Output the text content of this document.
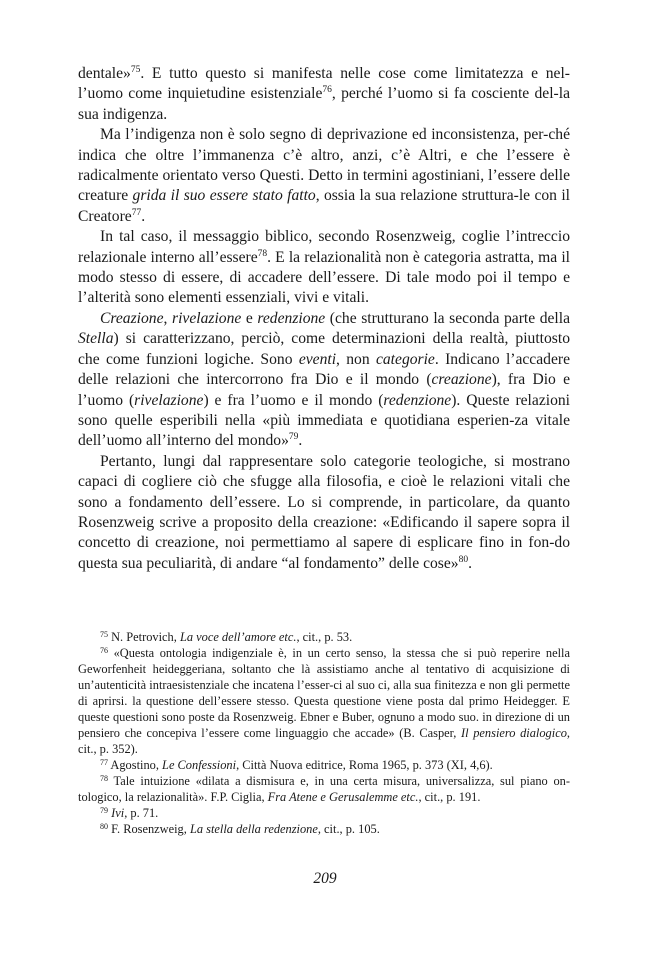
dentale»$^{75}$. E tutto questo si manifesta nelle cose come limitatezza e nel-l’uomo come inquietudine esistenziale$^{76}$, perché l’uomo si fa cosciente del-la sua indigenza.

Ma l’indigenza non è solo segno di deprivazione ed inconsistenza, per-ché indica che oltre l’immanenza c’è altro, anzi, c’è Altri, e che l’essere è radicalmente orientato verso Questi. Detto in termini agostiniani, l’essere delle creature grida il suo essere stato fatto, ossia la sua relazione struttura-le con il Creatore$^{77}$.

In tal caso, il messaggio biblico, secondo Rosenzweig, coglie l’intreccio relazionale interno all’essere$^{78}$. E la relazionalità non è categoria astratta, ma il modo stesso di essere, di accadere dell’essere. Di tale modo poi il tempo e l’alterità sono elementi essenziali, vivi e vitali.

Creazione, rivelazione e redenzione (che strutturano la seconda parte della Stella) si caratterizzano, perciò, come determinazioni della realtà, piuttosto che come funzioni logiche. Sono eventi, non categorie. Indicano l’accadere delle relazioni che intercorrono fra Dio e il mondo (creazione), fra Dio e l’uomo (rivelazione) e fra l’uomo e il mondo (redenzione). Queste relazioni sono quelle esperibili nella «più immediata e quotidiana esperien-za vitale dell’uomo all’interno del mondo»$^{79}$.

Pertanto, lungi dal rappresentare solo categorie teologiche, si mostrano capaci di cogliere ciò che sfugge alla filosofia, e cioè le relazioni vitali che sono a fondamento dell’essere. Lo si comprende, in particolare, da quanto Rosenzweig scrive a proposito della creazione: «Edificando il sapere sopra il concetto di creazione, noi permettiamo al sapere di esplicare fino in fon-do questa sua peculiarità, di andare “al fondamento” delle cose»$^{80}$.

$^{75}$ N. Petrovich, La voce dell’amore etc., cit., p. 53.

$^{76}$ «Questa ontologia indigenziale è, in un certo senso, la stessa che si può reperire nella Geworfenheit heideggeriana, soltanto che là assistiamo anche al tentativo di acquisizione di un’autenticità intraesistenziale che incatena l’esser-ci al suo ci, alla sua finitezza e non gli permette di aprirsi. la questione dell’essere stesso. Questa questione viene posta dal primo Heidegger. E queste questioni sono poste da Rosenzweig. Ebner e Buber, ognuno a modo suo. in direzione di un pensiero che concepiva l’essere come linguaggio che accade» (B. Casper, Il pensiero dialogico, cit., p. 352).

$^{77}$ Agostino, Le Confessioni, Città Nuova editrice, Roma 1965, p. 373 (XI, 4,6).

$^{78}$ Tale intuizione «dilata a dismisura e, in una certa misura, universalizza, sul piano on-tologico, la relazionalità». F.P. Ciglia, Fra Atene e Gerusalemme etc., cit., p. 191.

$^{79}$ Ivi, p. 71.

$^{80}$ F. Rosenzweig, La stella della redenzione, cit., p. 105.

209
